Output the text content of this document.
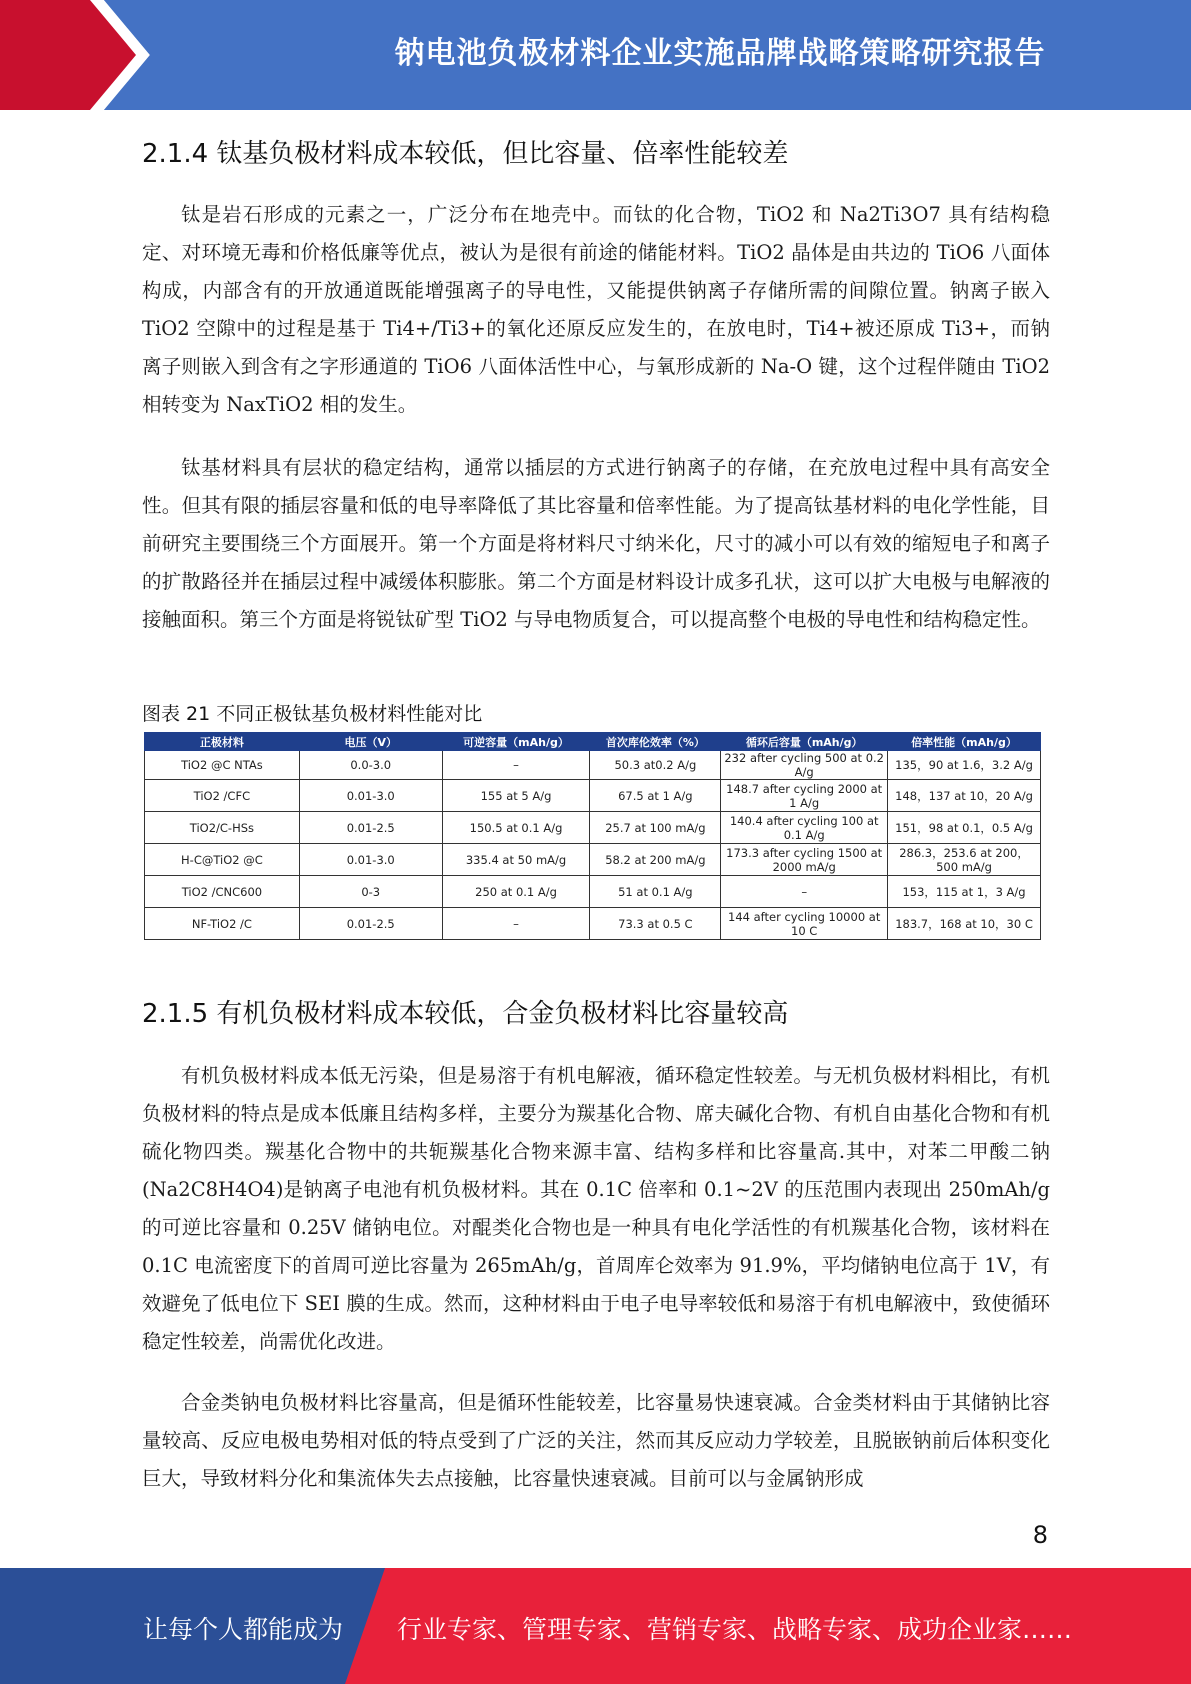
钠电池负极材料企业实施品牌战略策略研究报告
2.1.4 钛基负极材料成本较低，但比容量、倍率性能较差

钛是岩石形成的元素之一，广泛分布在地壳中。而钛的化合物，TiO2 和 Na2Ti3O7 具有结构稳定、对环境无毒和价格低廉等优点，被认为是很有前途的储能材料。TiO2 晶体是由共边的 TiO6 八面体构成，内部含有的开放通道既能增强离子的导电性，又能提供钠离子存储所需的间隙位置。钠离子嵌入 TiO2 空隙中的过程是基于 Ti4+/Ti3+的氧化还原反应发生的，在放电时，Ti4+被还原成 Ti3+，而钠离子则嵌入到含有之字形通道的 TiO6 八面体活性中心，与氧形成新的 Na-O 键，这个过程伴随由 TiO2 相转变为 NaxTiO2 相的发生。

钛基材料具有层状的稳定结构，通常以插层的方式进行钠离子的存储，在充放电过程中具有高安全性。但其有限的插层容量和低的电导率降低了其比容量和倍率性能。为了提高钛基材料的电化学性能，目前研究主要围绕三个方面展开。第一个方面是将材料尺寸纳米化，尺寸的减小可以有效的缩短电子和离子的扩散路径并在插层过程中减缓体积膨胀。第二个方面是材料设计成多孔状，这可以扩大电极与电解液的接触面积。第三个方面是将锐钛矿型 TiO2 与导电物质复合，可以提高整个电极的导电性和结构稳定性。

图表 21 不同正极钛基负极材料性能对比
正极材料	电压（V）	可逆容量（mAh/g）	首次库伦效率（%）	循环后容量（mAh/g）	倍率性能（mAh/g）
TiO2 @C NTAs	0.0-3.0	–	50.3 at0.2 A/g	232 after cycling 500 at 0.2 A/g	135，90 at 1.6，3.2 A/g
TiO2 /CFC	0.01-3.0	155 at 5 A/g	67.5 at 1 A/g	148.7 after cycling 2000 at 1 A/g	148，137 at 10，20 A/g
TiO2/C-HSs	0.01-2.5	150.5 at 0.1 A/g	25.7 at 100 mA/g	140.4 after cycling 100 at 0.1 A/g	151，98 at 0.1，0.5 A/g
H-C@TiO2 @C	0.01-3.0	335.4 at 50 mA/g	58.2 at 200 mA/g	173.3 after cycling 1500 at 2000 mA/g	286.3，253.6 at 200，500 mA/g
TiO2 /CNC600	0-3	250 at 0.1 A/g	51 at 0.1 A/g	–	153，115 at 1，3 A/g
NF-TiO2 /C	0.01-2.5	–	73.3 at 0.5 C	144 after cycling 10000 at 10 C	183.7，168 at 10，30 C
2.1.5 有机负极材料成本较低，合金负极材料比容量较高

有机负极材料成本低无污染，但是易溶于有机电解液，循环稳定性较差。与无机负极材料相比，有机负极材料的特点是成本低廉且结构多样，主要分为羰基化合物、席夫碱化合物、有机自由基化合物和有机硫化物四类。羰基化合物中的共轭羰基化合物来源丰富、结构多样和比容量高.其中，对苯二甲酸二钠(Na2C8H4O4)是钠离子电池有机负极材料。其在 0.1C 倍率和 0.1~2V 的压范围内表现出 250mAh/g 的可逆比容量和 0.25V 储钠电位。对醌类化合物也是一种具有电化学活性的有机羰基化合物，该材料在 0.1C 电流密度下的首周可逆比容量为 265mAh/g，首周库仑效率为 91.9%，平均储钠电位高于 1V，有效避免了低电位下 SEI 膜的生成。然而，这种材料由于电子电导率较低和易溶于有机电解液中，致使循环稳定性较差，尚需优化改进。

合金类钠电负极材料比容量高，但是循环性能较差，比容量易快速衰减。合金类材料由于其储钠比容量较高、反应电极电势相对低的特点受到了广泛的关注，然而其反应动力学较差，且脱嵌钠前后体积变化巨大，导致材料分化和集流体失去点接触，比容量快速衰减。目前可以与金属钠形成

8
让每个人都能成为 行业专家、管理专家、营销专家、战略专家、成功企业家……
